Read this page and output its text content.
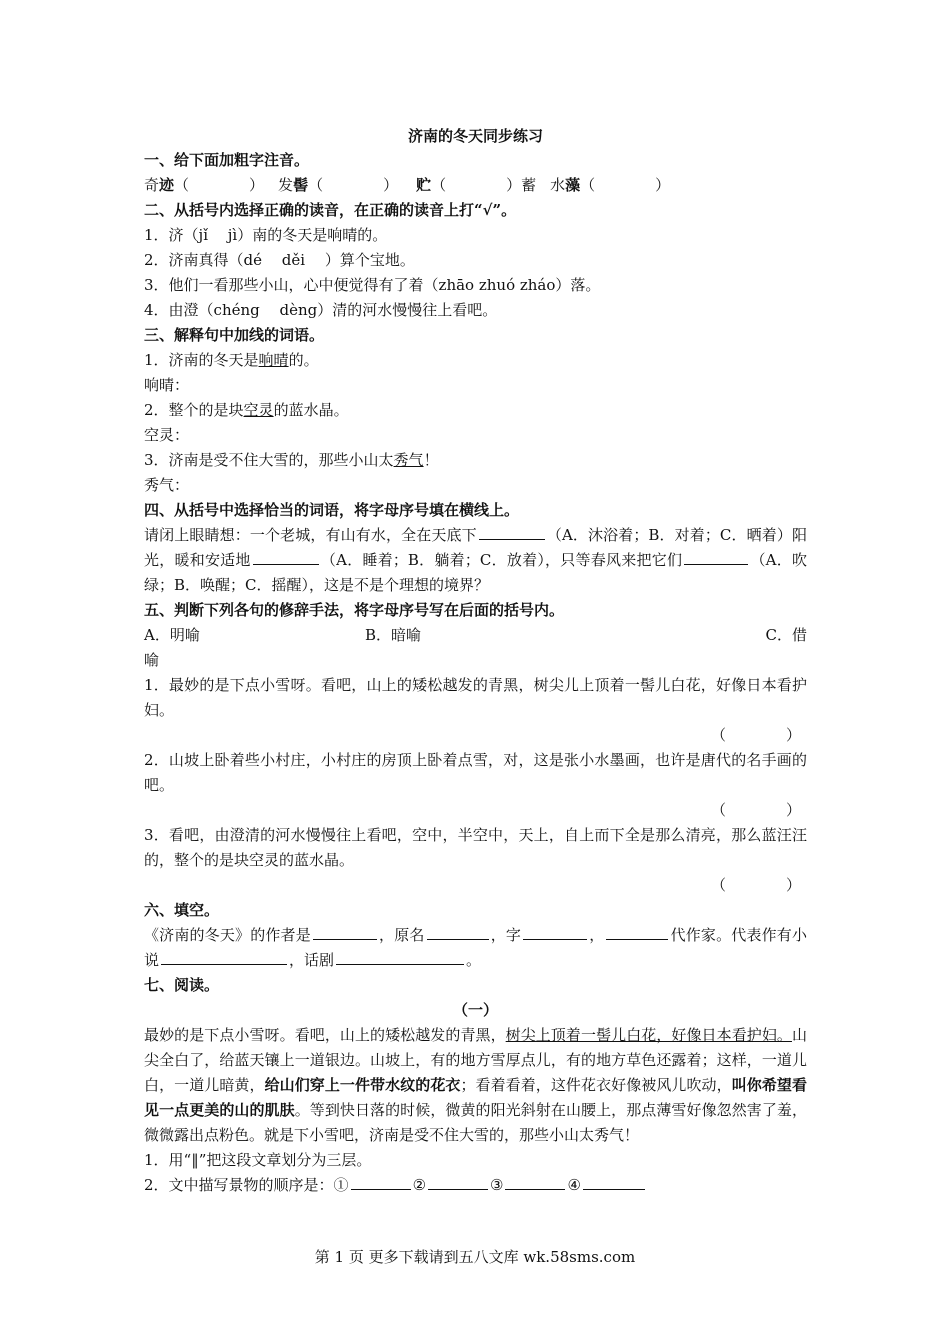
济南的冬天同步练习
一、给下面加粗字注音。
奇迹（　　　　） 发髻（　　　　） 贮（　　　　）蓄 水藻（　　　　）
二、从括号内选择正确的读音，在正确的读音上打“√”。
1．济（jǐ　 jì）南的冬天是响晴的。
2．济南真得（dé　 děi　 ）算个宝地。
3．他们一看那些小山，心中便觉得有了着（zhāo zhuó zháo）落。
4．由澄（chéng　 dèng）清的河水慢慢往上看吧。
三、解释句中加线的词语。
1．济南的冬天是响晴的。
响晴：
2．整个的是块空灵的蓝水晶。
空灵：
3．济南是受不住大雪的，那些小山太秀气！
秀气：
四、从括号中选择恰当的词语，将字母序号填在横线上。
请闭上眼睛想：一个老城，有山有水，全在天底下	（A．沐浴着；B．对着；C．晒着）阳光，暖和安适地	（A．睡着；B．躺着；C．放着），只等春风来把它们	（A．吹绿；B．唤醒；C．摇醒），这是不是个理想的境界？
五、判断下列各句的修辞手法，将字母序号写在后面的括号内。
A．明喻	B．暗喻	C．借
喻
1．最妙的是下点小雪呀。看吧，山上的矮松越发的青黑，树尖儿上顶着一髻儿白花，好像日本看护妇。
（　　　　）
2．山坡上卧着些小村庄，小村庄的房顶上卧着点雪，对，这是张小水墨画，也许是唐代的名手画的吧。
（　　　　）
3．看吧，由澄清的河水慢慢往上看吧，空中，半空中，天上，自上而下全是那么清亮，那么蓝汪汪的，整个的是块空灵的蓝水晶。
（　　　　）
六、填空。
《济南的冬天》的作者是	，原名	，字	，	代作家。代表作有小说	，话剧	。
七、阅读。
（一）
最妙的是下点小雪呀。看吧，山上的矮松越发的青黑，树尖上顶着一髻儿白花，好像日本看护妇。山尖全白了，给蓝天镶上一道银边。山坡上，有的地方雪厚点儿，有的地方草色还露着；这样，一道儿白，一道儿暗黄，给山们穿上一件带水纹的花衣；看着看着，这件花衣好像被风儿吹动，叫你希望看见一点更美的山的肌肤。等到快日落的时候，微黄的阳光斜射在山腰上，那点薄雪好像忽然害了羞，微微露出点粉色。就是下小雪吧，济南是受不住大雪的，那些小山太秀气！
1．用“‖”把这段文章划分为三层。
2．文中描写景物的顺序是：①	②	③	④
第 1 页 更多下载请到五八文库 wk.58sms.com
